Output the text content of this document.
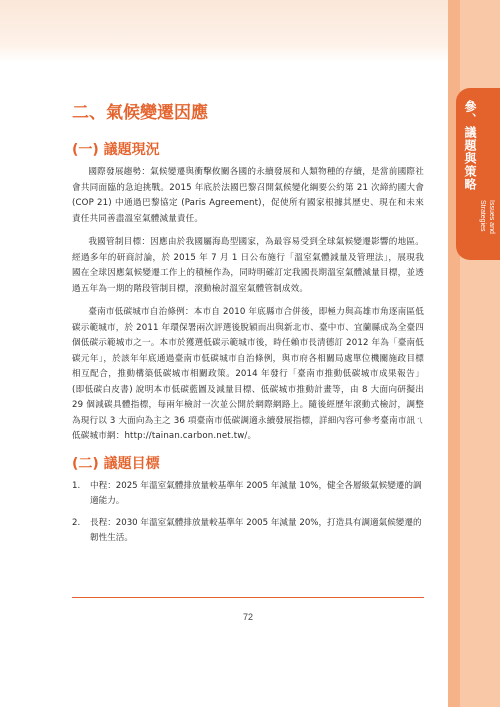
參、議題與策略
Issues and Strategies
二、氣候變遷因應
(一) 議題現況

國際發展趨勢：氣候變遷與衝擊攸關各國的永續發展和人類物種的存續，是當前國際社會共同面臨的急迫挑戰。2015 年底於法國巴黎召開氣候變化綱要公約第 21 次締約國大會 (COP 21) 中通過巴黎協定 (Paris Agreement)，促使所有國家根據其歷史、現在和未來責任共同善盡溫室氣體減量責任。

我國管制目標：因應由於我國屬海島型國家，為最容易受到全球氣候變遷影響的地區。經過多年的研商討論，於 2015 年 7 月 1 日公布施行「溫室氣體減量及管理法」，展現我國在全球因應氣候變遷工作上的積極作為，同時明確訂定我國長期溫室氣體減量目標，並透過五年為一期的階段管制目標，滾動檢討溫室氣體管制成效。

臺南市低碳城市自治條例：本市自 2010 年底縣市合併後，即極力與高雄市角逐南區低碳示範城市，於 2011 年環保署兩次評選後脫穎而出與新北市、臺中市、宜蘭縣成為全臺四個低碳示範城市之一。本市於獲選低碳示範城市後，時任賴市長清德訂 2012 年為「臺南低碳元年」，於該年年底通過臺南市低碳城市自治條例，與市府各相關局處單位機關施政目標相互配合，推動構築低碳城市相關政策。2014 年發行「臺南市推動低碳城市成果報告」(即低碳白皮書) 說明本市低碳藍圖及減量目標、低碳城市推動計畫等，由 8 大面向研擬出 29 個減碳具體指標，每兩年檢討一次並公開於網際網路上。隨後經歷年滾動式檢討，調整為現行以 3 大面向為主之 36 項臺南市低碳調適永續發展指標，詳細內容可參考臺南市訊ㄟ低碳城市網：http://tainan.carbon.net.tw/。

(二) 議題目標
1. 中程：2025 年溫室氣體排放量較基準年 2005 年減量 10%，健全各層級氣候變遷的調適能力。
2. 長程：2030 年溫室氣體排放量較基準年 2005 年減量 20%，打造具有調適氣候變遷的韌性生活。
72
